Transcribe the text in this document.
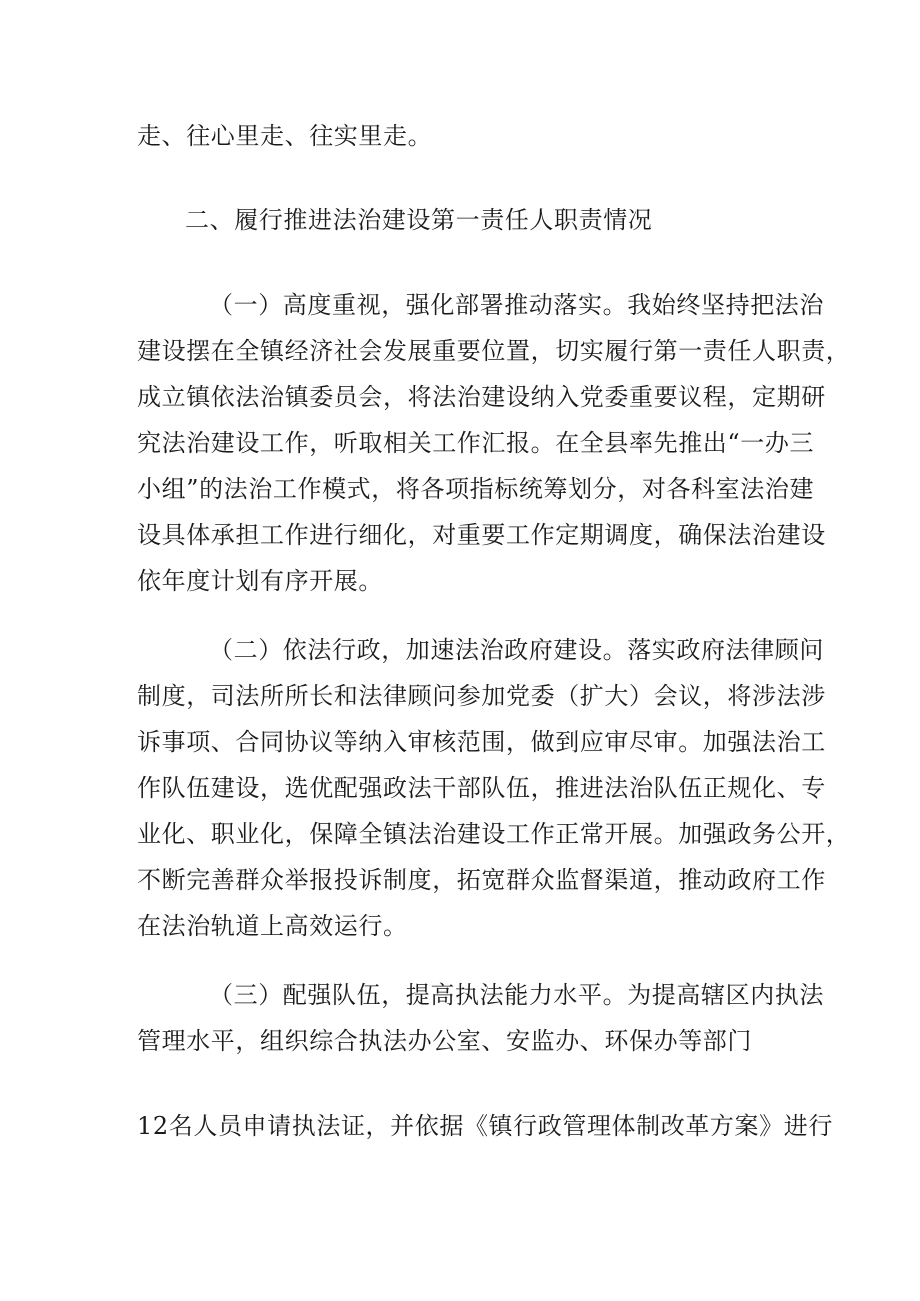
走、往心里走、往实里走。
二、履行推进法治建设第一责任人职责情况
（一）高度重视，强化部署推动落实。我始终坚持把法治
建设摆在全镇经济社会发展重要位置，切实履行第一责任人职责，
成立镇依法治镇委员会，将法治建设纳入党委重要议程，定期研
究法治建设工作，听取相关工作汇报。在全县率先推出“一办三
小组”的法治工作模式，将各项指标统筹划分，对各科室法治建
设具体承担工作进行细化，对重要工作定期调度，确保法治建设
依年度计划有序开展。
（二）依法行政，加速法治政府建设。落实政府法律顾问
制度，司法所所长和法律顾问参加党委（扩大）会议，将涉法涉
诉事项、合同协议等纳入审核范围，做到应审尽审。加强法治工
作队伍建设，选优配强政法干部队伍，推进法治队伍正规化、专
业化、职业化，保障全镇法治建设工作正常开展。加强政务公开，
不断完善群众举报投诉制度，拓宽群众监督渠道，推动政府工作
在法治轨道上高效运行。
（三）配强队伍，提高执法能力水平。为提高辖区内执法
管理水平，组织综合执法办公室、安监办、环保办等部门
12名人员申请执法证，并依据《镇行政管理体制改革方案》进行
